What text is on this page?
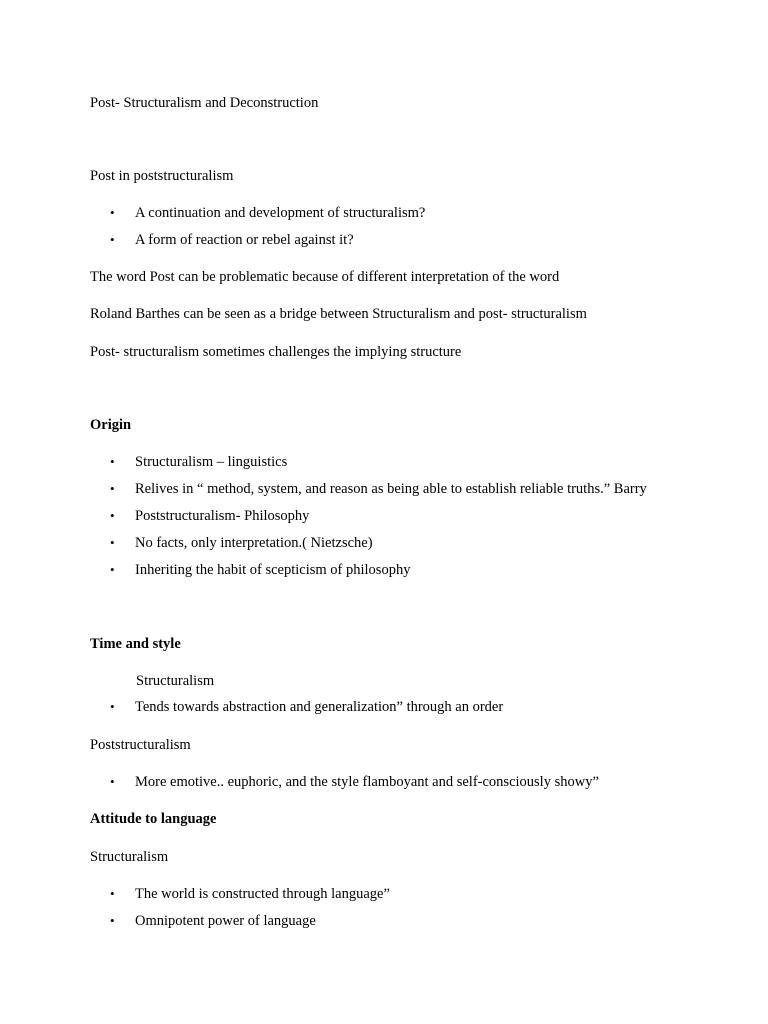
Post- Structuralism and Deconstruction
Post in poststructuralism
• A continuation and development of structuralism?
• A form of reaction or rebel against it?
The word Post can be problematic because of different interpretation of the word
Roland Barthes can be seen as a bridge between Structuralism and post- structuralism
Post- structuralism sometimes challenges the implying structure
Origin
• Structuralism – linguistics
• Relives in “ method, system, and reason as being able to establish reliable truths.” Barry
• Poststructuralism- Philosophy
• No facts, only interpretation.( Nietzsche)
• Inheriting the habit of scepticism of philosophy
Time and style
Structuralism
• Tends towards abstraction and generalization” through an order
Poststructuralism
• More emotive.. euphoric, and the style flamboyant and self-consciously showy”
Attitude to language
Structuralism
• The world is constructed through language”
• Omnipotent power of language
